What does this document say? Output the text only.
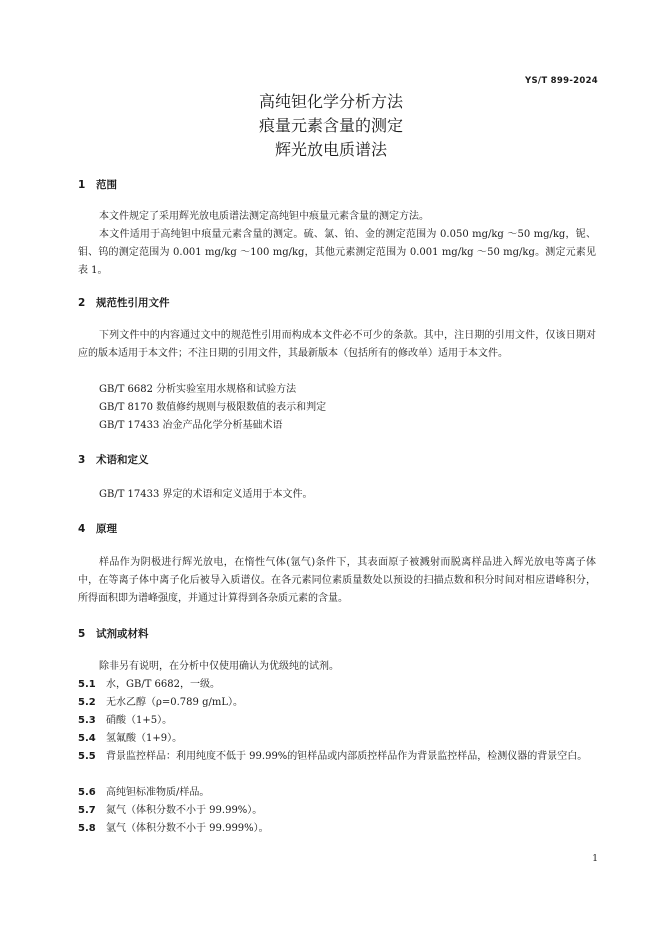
YS/T 899-2024
高纯钽化学分析方法
痕量元素含量的测定
辉光放电质谱法
1 范围
本文件规定了采用辉光放电质谱法测定高纯钽中痕量元素含量的测定方法。
本文件适用于高纯钽中痕量元素含量的测定。硫、氯、铂、金的测定范围为 0.050 mg/kg ～50 mg/kg，铌、钼、钨的测定范围为 0.001 mg/kg ～100 mg/kg，其他元素测定范围为 0.001 mg/kg ～50 mg/kg。测定元素见表 1。
2 规范性引用文件
下列文件中的内容通过文中的规范性引用而构成本文件必不可少的条款。其中，注日期的引用文件，仅该日期对应的版本适用于本文件；不注日期的引用文件，其最新版本（包括所有的修改单）适用于本文件。
GB/T 6682 分析实验室用水规格和试验方法
GB/T 8170 数值修约规则与极限数值的表示和判定
GB/T 17433 冶金产品化学分析基础术语
3 术语和定义
GB/T 17433 界定的术语和定义适用于本文件。
4 原理
样品作为阴极进行辉光放电，在惰性气体(氩气)条件下，其表面原子被溅射而脱离样品进入辉光放电等离子体中，在等离子体中离子化后被导入质谱仪。在各元素同位素质量数处以预设的扫描点数和积分时间对相应谱峰积分，所得面积即为谱峰强度，并通过计算得到各杂质元素的含量。
5 试剂或材料
除非另有说明，在分析中仅使用确认为优级纯的试剂。
5.1 水，GB/T 6682，一级。
5.2 无水乙醇（ρ=0.789 g/mL）。
5.3 硝酸（1+5）。
5.4 氢氟酸（1+9）。
5.5 背景监控样品：利用纯度不低于 99.99%的钽样品或内部质控样品作为背景监控样品，检测仪器的背景空白。
5.6 高纯钽标准物质/样品。
5.7 氮气（体积分数不小于 99.99%）。
5.8 氩气（体积分数不小于 99.999%）。
1
